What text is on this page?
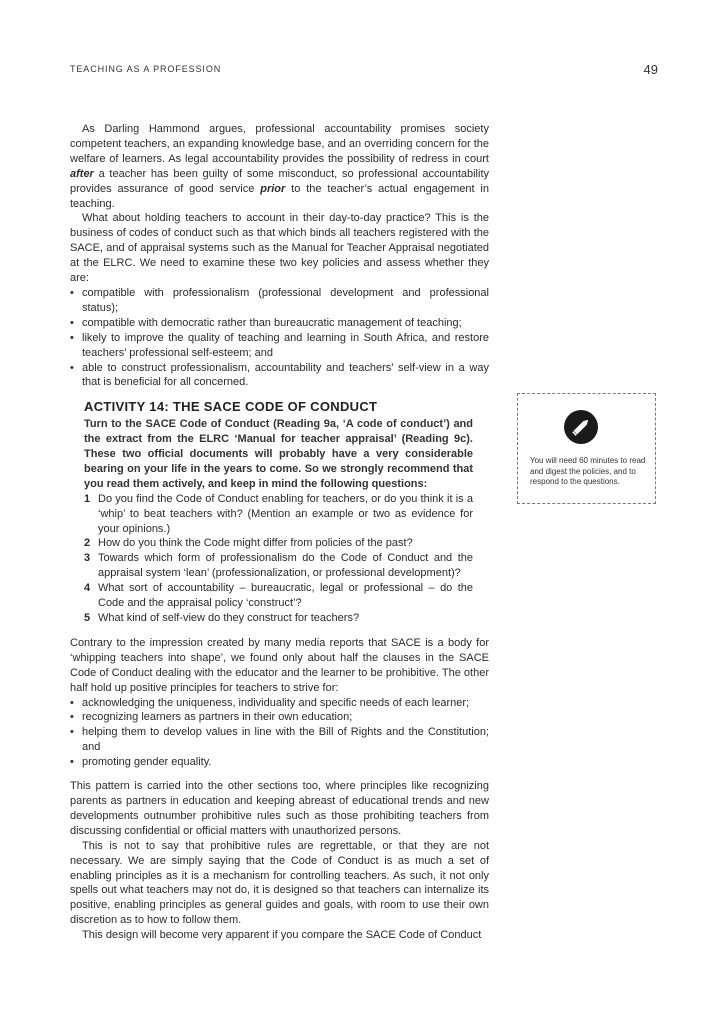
TEACHING AS A PROFESSION	49

As Darling Hammond argues, professional accountability promises society competent teachers, an expanding knowledge base, and an overriding concern for the welfare of learners. As legal accountability provides the possibility of redress in court after a teacher has been guilty of some misconduct, so professional accountability provides assurance of good service prior to the teacher’s actual engagement in teaching.

What about holding teachers to account in their day-to-day practice? This is the business of codes of conduct such as that which binds all teachers registered with the SACE, and of appraisal systems such as the Manual for Teacher Appraisal negotiated at the ELRC. We need to examine these two key policies and assess whether they are:

• compatible with professionalism (professional development and professional status);
• compatible with democratic rather than bureaucratic management of teaching;
• likely to improve the quality of teaching and learning in South Africa, and restore teachers’ professional self-esteem; and
• able to construct professionalism, accountability and teachers’ self-view in a way that is beneficial for all concerned.
ACTIVITY 14: THE SACE CODE OF CONDUCT
Turn to the SACE Code of Conduct (Reading 9a, ‘A code of conduct’) and the extract from the ELRC ‘Manual for teacher appraisal’ (Reading 9c). These two official documents will probably have a very considerable bearing on your life in the years to come. So we strongly recommend that you read them actively, and keep in mind the following questions:
1 Do you find the Code of Conduct enabling for teachers, or do you think it is a ‘whip’ to beat teachers with? (Mention an example or two as evidence for your opinions.)
2 How do you think the Code might differ from policies of the past?
3 Towards which form of professionalism do the Code of Conduct and the appraisal system ‘lean’ (professionalization, or professional development)?
4 What sort of accountability – bureaucratic, legal or professional – do the Code and the appraisal policy ‘construct’?
5 What kind of self-view do they construct for teachers?

Contrary to the impression created by many media reports that SACE is a body for ‘whipping teachers into shape’, we found only about half the clauses in the SACE Code of Conduct dealing with the educator and the learner to be prohibitive. The other half hold up positive principles for teachers to strive for:

• acknowledging the uniqueness, individuality and specific needs of each learner;
• recognizing learners as partners in their own education;
• helping them to develop values in line with the Bill of Rights and the Constitution; and
• promoting gender equality.

This pattern is carried into the other sections too, where principles like recognizing parents as partners in education and keeping abreast of educational trends and new developments outnumber prohibitive rules such as those prohibiting teachers from discussing confidential or official matters with unauthorized persons.

This is not to say that prohibitive rules are regrettable, or that they are not necessary. We are simply saying that the Code of Conduct is as much a set of enabling principles as it is a mechanism for controlling teachers. As such, it not only spells out what teachers may not do, it is designed so that teachers can internalize its positive, enabling principles as general guides and goals, with room to use their own discretion as to how to follow them.

This design will become very apparent if you compare the SACE Code of Conduct

You will need 60 minutes to read and digest the policies, and to respond to the questions.
